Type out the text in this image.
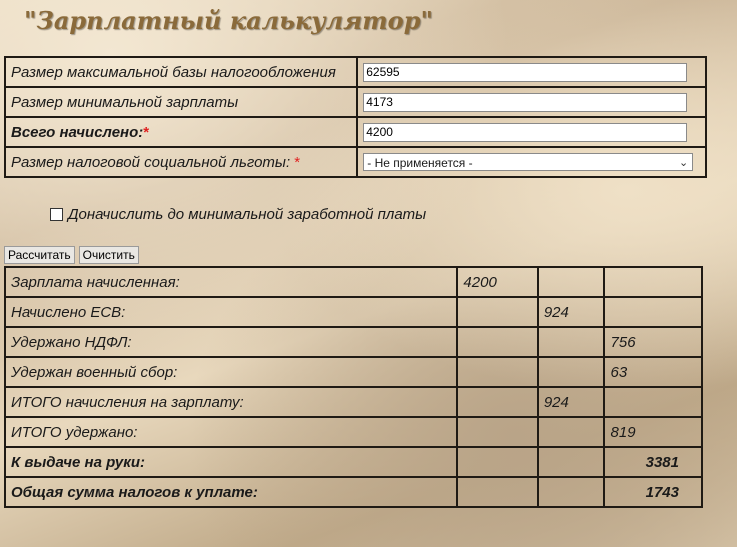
"Зарплатный калькулятор"
Размер максимальной базы налогообложения	62595
Размер минимальной зарплаты	4173
Всего начислено:*	4200
Размер налоговой социальной льготы: *	- Не применяется - ⌄
Доначислить до минимальной заработной платы
Рассчитать	Очистить
Зарплата начисленная:	4200		
Начислено ЕСВ:		924	
Удержано НДФЛ:			756
Удержан военный сбор:			63
ИТОГО начисления на зарплату:		924	
ИТОГО удержано:			819
К выдаче на руки:			3381
Общая сумма налогов к уплате:			1743
